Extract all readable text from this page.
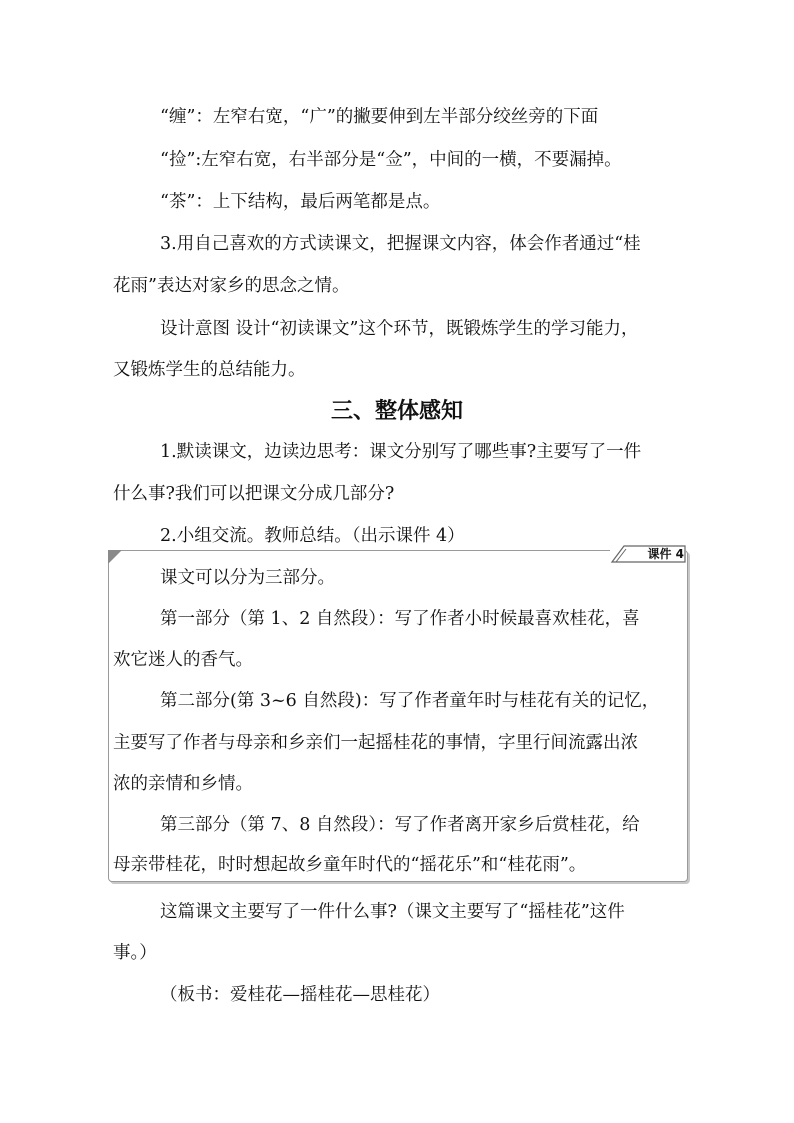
“缠”：左窄右宽，“广”的撇要伸到左半部分绞丝旁的下面

“捡”:左窄右宽，右半部分是“佥”，中间的一横，不要漏掉。

“茶”：上下结构，最后两笔都是点。

3.用自己喜欢的方式读课文，把握课文内容，体会作者通过“桂

花雨”表达对家乡的思念之情。

设计意图 设计“初读课文”这个环节，既锻炼学生的学习能力，

又锻炼学生的总结能力。

三、整体感知

1.默读课文，边读边思考：课文分别写了哪些事?主要写了一件

什么事?我们可以把课文分成几部分?

2.小组交流。教师总结。（出示课件 4）

课件 4

课文可以分为三部分。

第一部分（第 1、2 自然段）：写了作者小时候最喜欢桂花，喜

欢它迷人的香气。

第二部分(第 3~6 自然段)：写了作者童年时与桂花有关的记忆，

主要写了作者与母亲和乡亲们一起摇桂花的事情，字里行间流露出浓

浓的亲情和乡情。

第三部分（第 7、8 自然段）：写了作者离开家乡后赏桂花，给

母亲带桂花，时时想起故乡童年时代的“摇花乐”和“桂花雨”。

这篇课文主要写了一件什么事?（课文主要写了“摇桂花”这件

事。）

（板书：爱桂花—摇桂花—思桂花）
